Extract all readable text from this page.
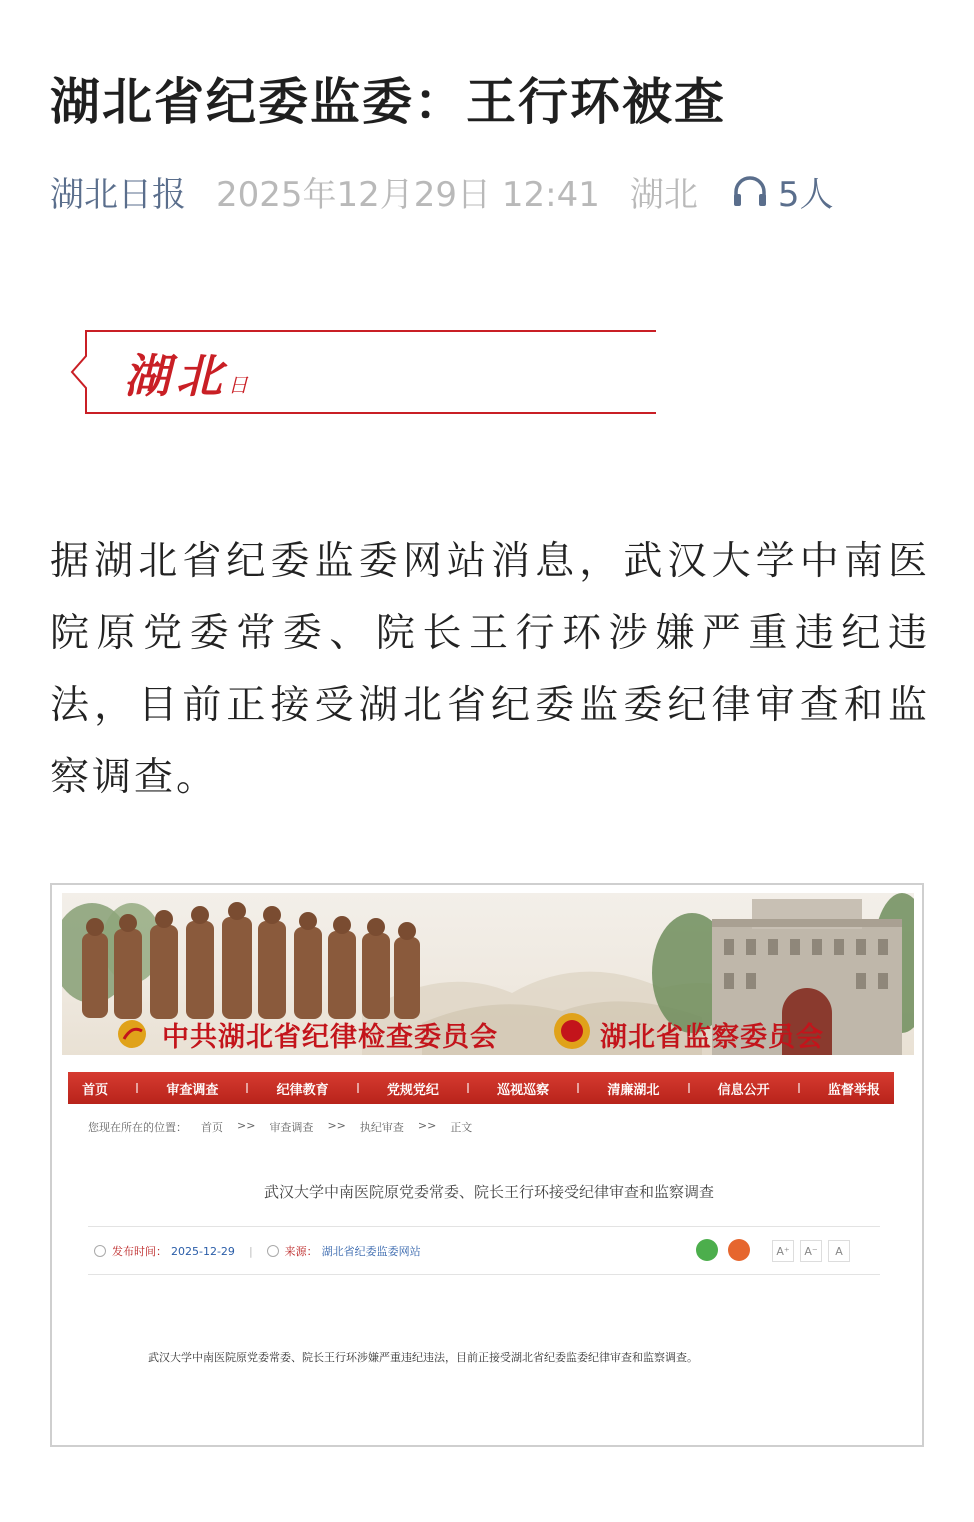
湖北省纪委监委：王行环被查
湖北日报 2025年12月29日 12:41 湖北 5人
湖北日
据湖北省纪委监委网站消息，武汉大学中南医院原党委常委、院长王行环涉嫌严重违纪违法，目前正接受湖北省纪委监委纪律审查和监察调查。
中共湖北省纪律检查委员会	湖北省监察委员会
首页	审查调查	纪律教育	党规党纪	巡视巡察	清廉湖北	信息公开	监督举报
您现在所在的位置： 首页 >> 审查调查 >> 执纪审查 >> 正文
武汉大学中南医院原党委常委、院长王行环接受纪律审查和监察调查
发布时间： 2025-12-29 |	来源： 湖北省纪委监委网站	A⁺	A⁻	A
武汉大学中南医院原党委常委、院长王行环涉嫌严重违纪违法，目前正接受湖北省纪委监委纪律审查和监察调查。
